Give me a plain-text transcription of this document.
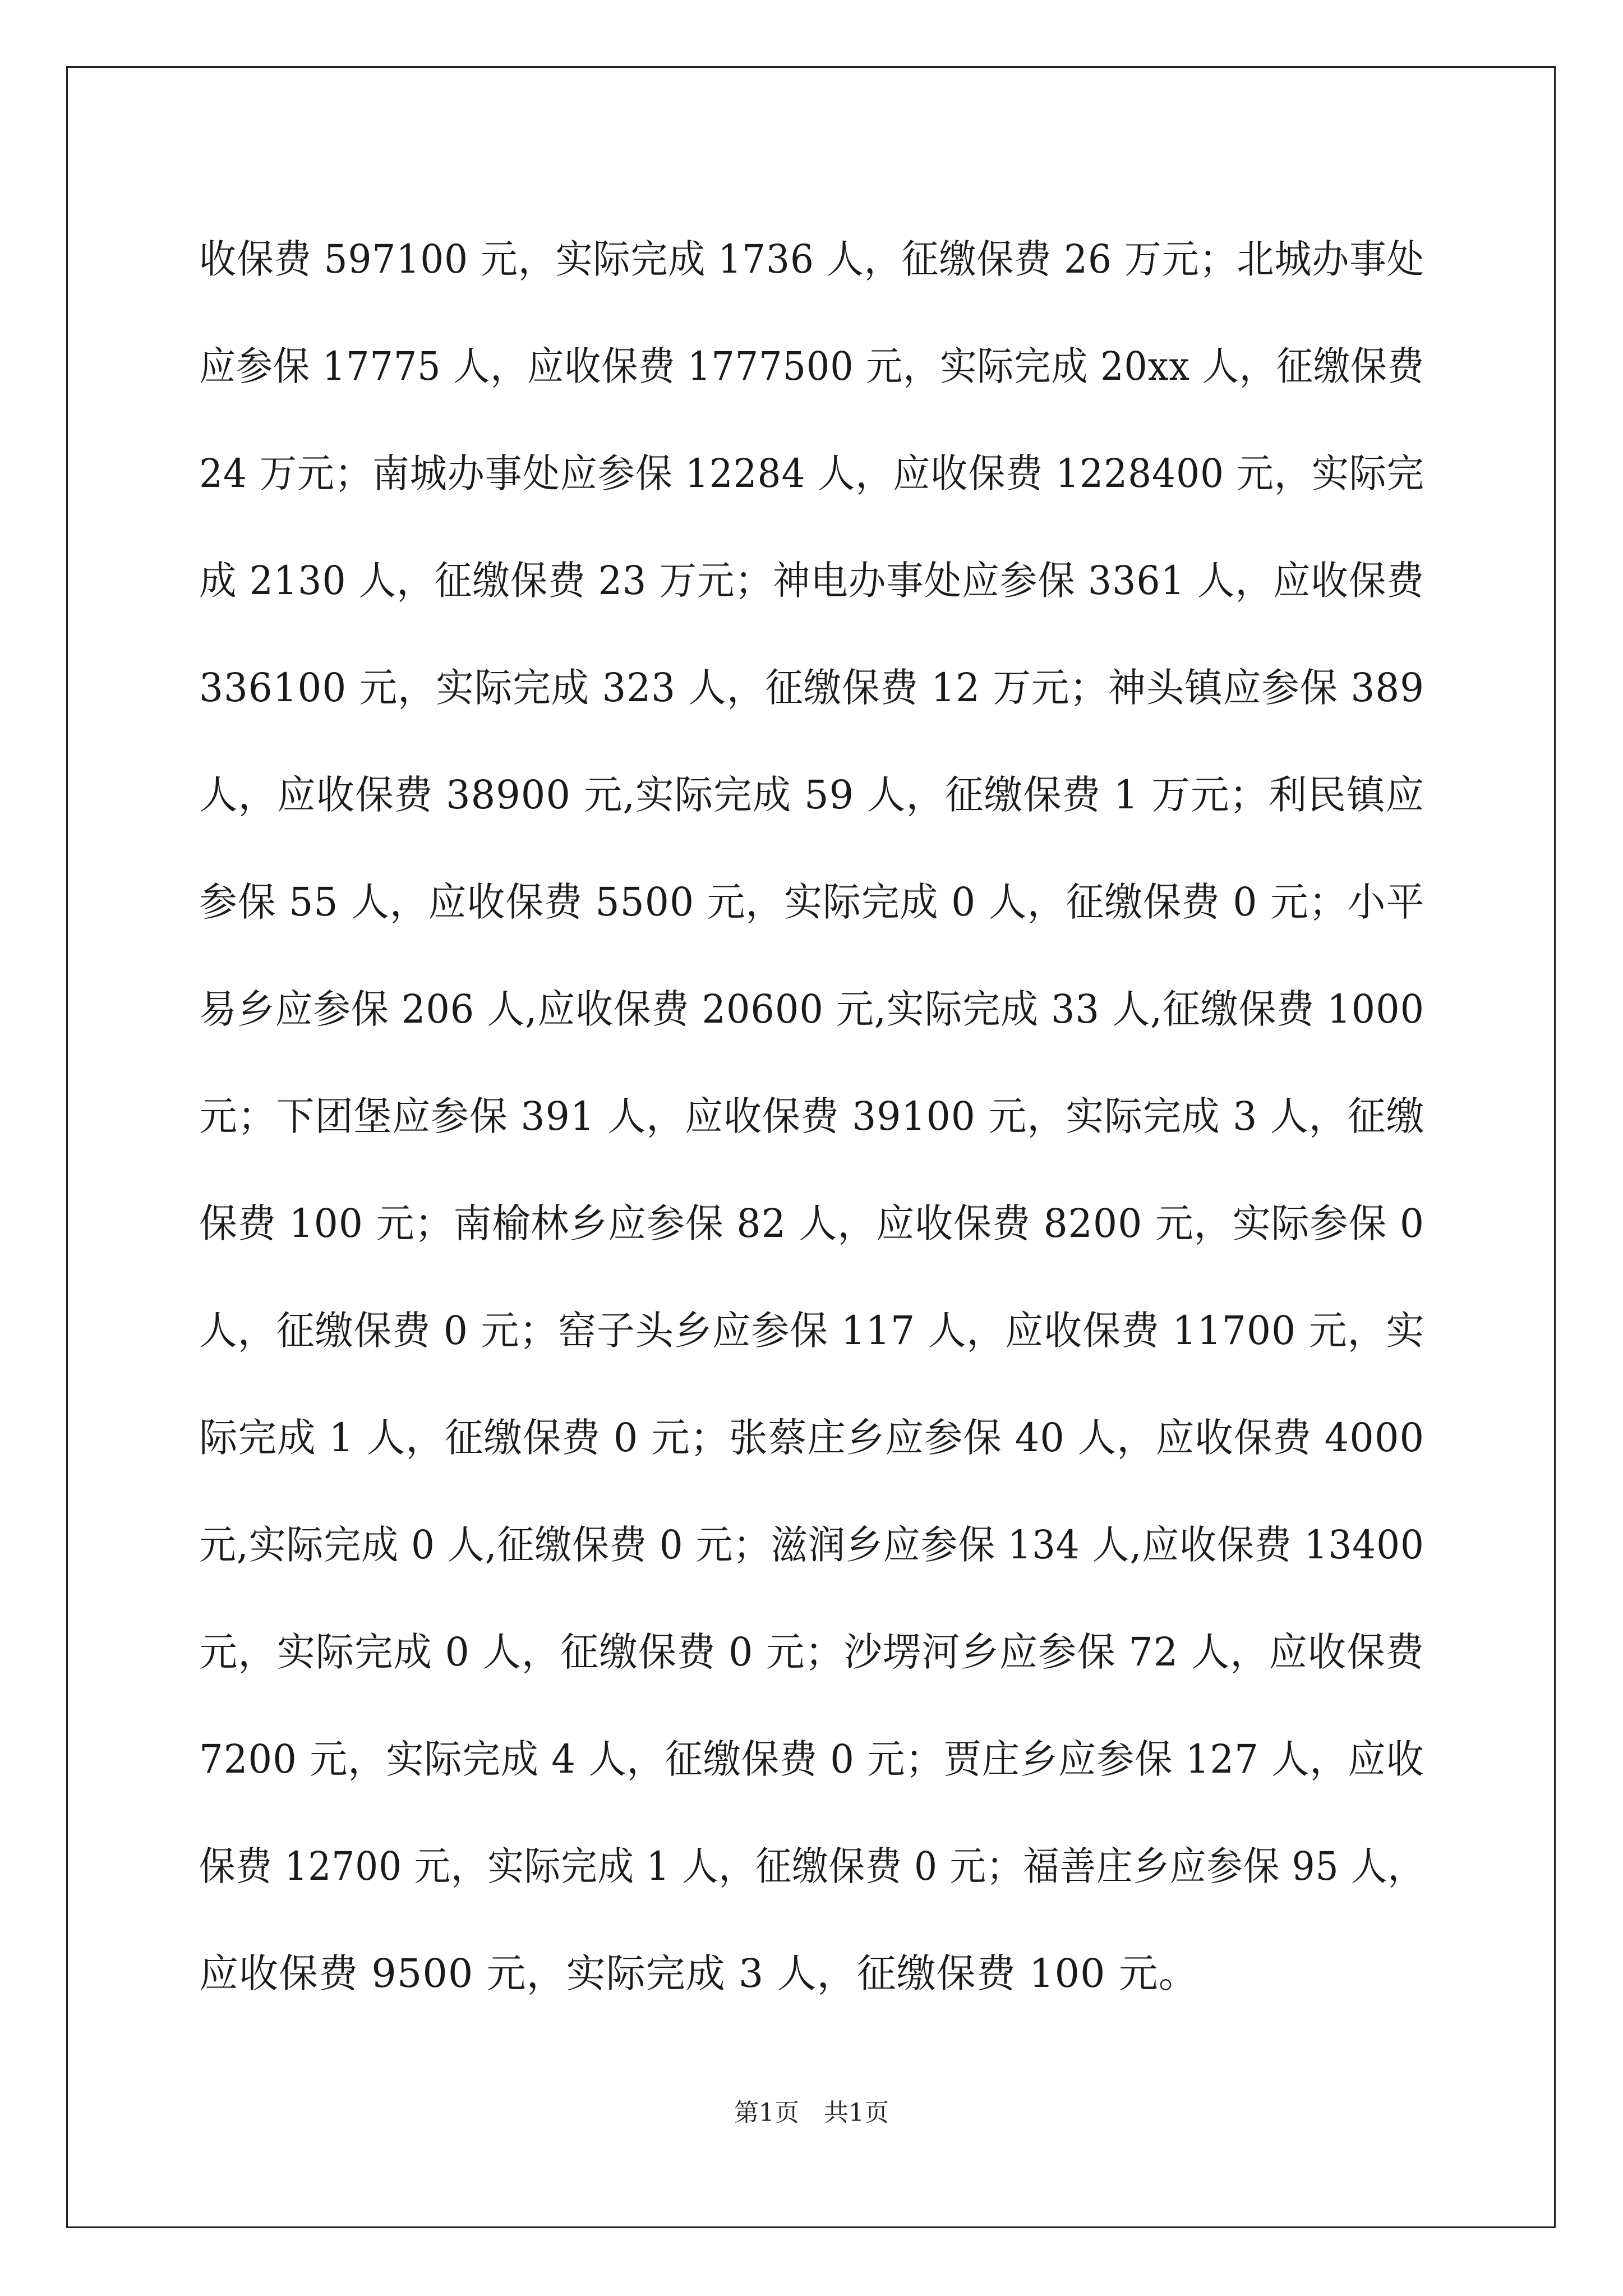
收保费 597100 元，实际完成 1736 人，征缴保费 26 万元；北城办事处
应参保 17775 人，应收保费 1777500 元，实际完成 20xx 人，征缴保费
24 万元；南城办事处应参保 12284 人，应收保费 1228400 元，实际完
成 2130 人，征缴保费 23 万元；神电办事处应参保 3361 人，应收保费
336100 元，实际完成 323 人，征缴保费 12 万元；神头镇应参保 389
人，应收保费 38900 元,实际完成 59 人，征缴保费 1 万元；利民镇应
参保 55 人，应收保费 5500 元，实际完成 0 人，征缴保费 0 元；小平
易乡应参保 206 人,应收保费 20600 元,实际完成 33 人,征缴保费 1000
元；下团堡应参保 391 人，应收保费 39100 元，实际完成 3 人，征缴
保费 100 元；南榆林乡应参保 82 人，应收保费 8200 元，实际参保 0
人，征缴保费 0 元；窑子头乡应参保 117 人，应收保费 11700 元，实
际完成 1 人，征缴保费 0 元；张蔡庄乡应参保 40 人，应收保费 4000
元,实际完成 0 人,征缴保费 0 元；滋润乡应参保 134 人,应收保费 13400
元，实际完成 0 人，征缴保费 0 元；沙塄河乡应参保 72 人，应收保费
7200 元，实际完成 4 人，征缴保费 0 元；贾庄乡应参保 127 人，应收
保费 12700 元，实际完成 1 人，征缴保费 0 元；福善庄乡应参保 95 人，
应收保费 9500 元，实际完成 3 人，征缴保费 100 元。
第1页　共1页
